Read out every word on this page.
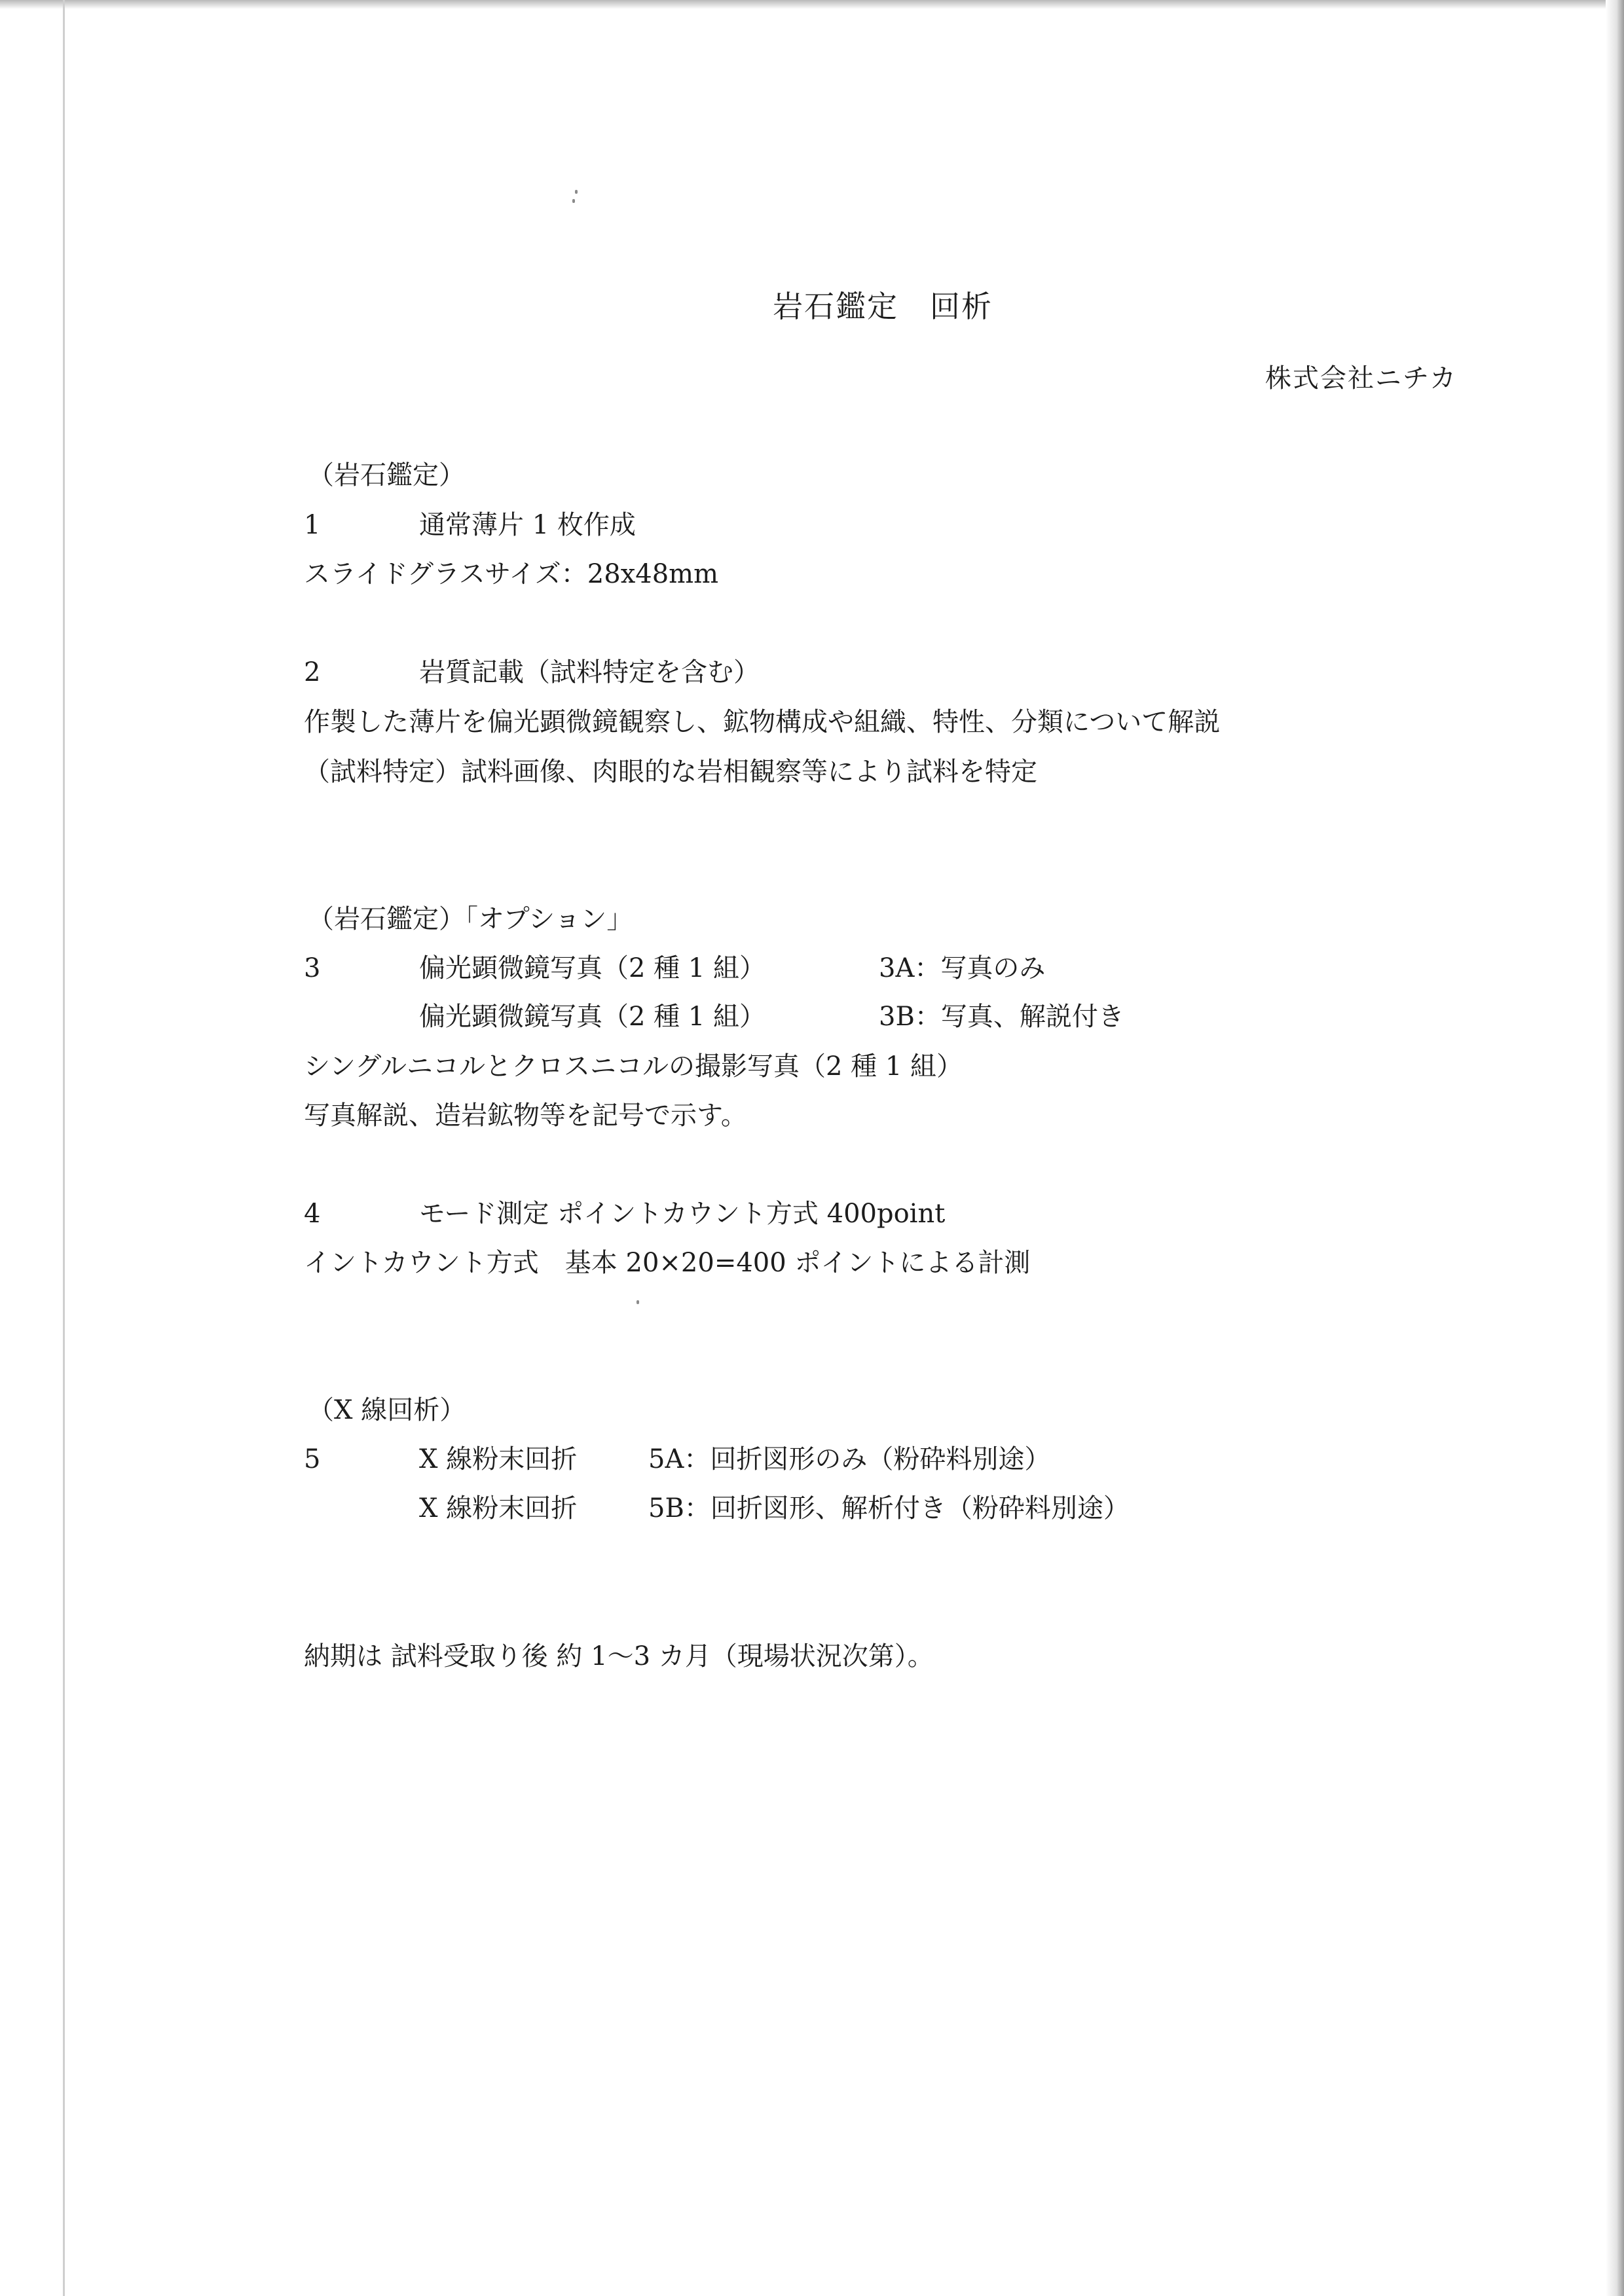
岩石鑑定　回析
株式会社ニチカ
（岩石鑑定）
1	通常薄片 1 枚作成
スライドグラスサイズ：28x48mm
2	岩質記載（試料特定を含む）
作製した薄片を偏光顕微鏡観察し、鉱物構成や組織、特性、分類について解説
（試料特定）試料画像、肉眼的な岩相観察等により試料を特定
（岩石鑑定）「オプション」
3	偏光顕微鏡写真（2 種 1 組）	3A：写真のみ
偏光顕微鏡写真（2 種 1 組）	3B：写真、解説付き
シングルニコルとクロスニコルの撮影写真（2 種 1 組）
写真解説、造岩鉱物等を記号で示す。
4	モード測定 ポイントカウント方式 400point
イントカウント方式　基本 20×20=400 ポイントによる計測
（X 線回析）
5	X 線粉末回折	5A：回折図形のみ（粉砕料別途）
X 線粉末回折	5B：回折図形、解析付き（粉砕料別途）
納期は 試料受取り後 約 1〜3 カ月（現場状況次第）。
